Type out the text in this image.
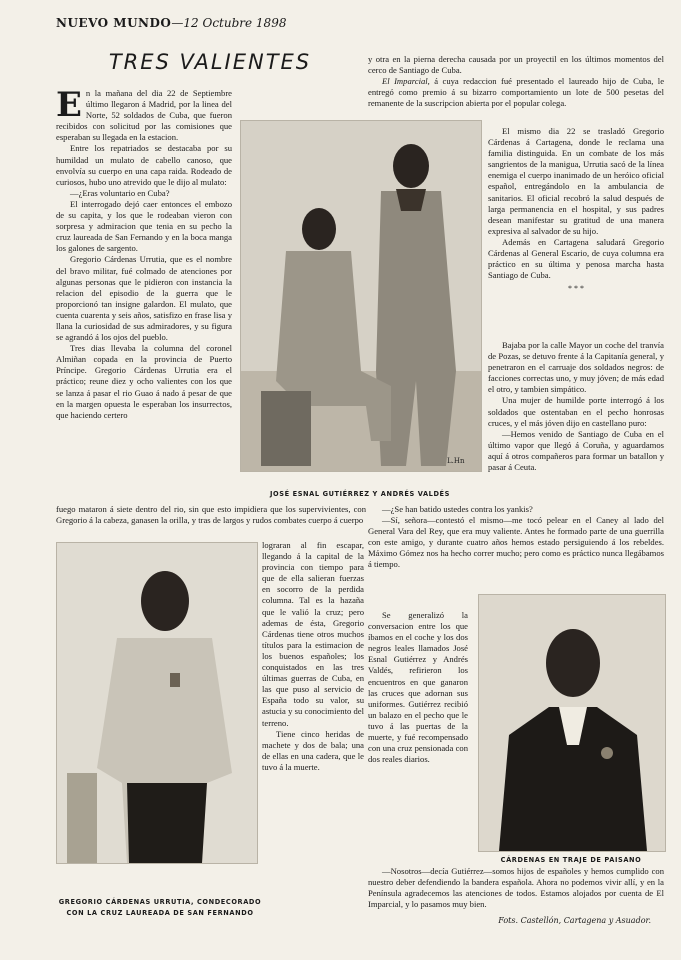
NUEVO MUNDO—12 Octubre 1898
TRES VALIENTES

En la mañana del dia 22 de Septiembre último llegaron á Madrid, por la linea del Norte, 52 soldados de Cuba, que fueron recibidos con solicitud por las comisiones que esperaban su llegada en la estacion.

Entre los repatriados se destacaba por su humildad un mulato de cabello canoso, que envolvía su cuerpo en una capa raida. Rodeado de curiosos, hubo uno atrevido que le dijo al mulato:

—¿Eras voluntario en Cuba?

El interrogado dejó caer entonces el embozo de su capita, y los que le rodeaban vieron con sorpresa y admiracion que tenia en su pecho la cruz laureada de San Fernando y en la boca manga los galones de sargento.

Gregorio Cárdenas Urrutia, que es el nombre del bravo militar, fué colmado de atenciones por algunas personas que le pidieron con instancia la relacion del episodio de la guerra que le proporcionó tan insigne galardon. El mulato, que cuenta cuarenta y seis años, satisfizo en frase lisa y llana la curiosidad de sus admiradores, y su figura se agrandó á los ojos del pueblo.

Tres dias llevaba la columna del coronel Almiñan copada en la provincia de Puerto Príncipe. Gregorio Cárdenas Urrutia era el práctico; reune diez y ocho valientes con los que se lanza á pasar el rio Guao á nado á pesar de que en la margen opuesta le esperaban los insurrectos, que haciendo certero

L.Hn
JOSÉ ESNAL GUTIÉRREZ Y ANDRÉS VALDÉS

y otra en la pierna derecha causada por un proyectil en los últimos momentos del cerco de Santiago de Cuba.

El Imparcial, á cuya redaccion fué presentado el laureado hijo de Cuba, le entregó como premio á su bizarro comportamiento un lote de 500 pesetas del remanente de la suscripcion abierta por el popular colega.

El mismo dia 22 se trasladó Gregorio Cárdenas á Cartagena, donde le reclama una familia distinguida. En un combate de los más sangrientos de la manigua, Urrutia sacó de la línea enemiga el cuerpo inanimado de un heróico oficial español, entregándolo en la ambulancia de sanitarios. El oficial recobró la salud después de larga permanencia en el hospital, y sus padres desean manifestar su gratitud de una manera expresiva al salvador de su hijo.

Además en Cartagena saludará Gregorio Cárdenas al General Escario, de cuya columna era práctico en su última y penosa marcha hasta Santiago de Cuba.

* * *

Bajaba por la calle Mayor un coche del tranvía de Pozas, se detuvo frente á la Capitanía general, y penetraron en el carruaje dos soldados negros: de facciones correctas uno, y muy jóven; de más edad el otro, y tambien simpático.

Una mujer de humilde porte interrogó á los soldados que ostentaban en el pecho honrosas cruces, y el más jóven dijo en castellano puro:

—Hemos venido de Santiago de Cuba en el último vapor que llegó á Coruña, y aguardamos aquí á otros compañeros para formar un batallon y pasar á Ceuta.

fuego mataron á siete dentro del rio, sin que esto impidiera que los supervivientes, con Gregorio á la cabeza, ganasen la orilla, y tras de largos y rudos combates cuerpo á cuerpo

—¿Se han batido ustedes contra los yankis?

—Sí, señora—contestó el mismo—me tocó pelear en el Caney al lado del General Vara del Rey, que era muy valiente. Antes he formado parte de una guerrilla con este amigo, y durante cuatro años hemos estado persiguiendo á los rebeldes. Máximo Gómez nos ha hecho correr mucho; pero como es práctico nunca llegábamos á tiempo.

GREGORIO CÁRDENAS URRUTIA, CONDECORADO
CON LA CRUZ LAUREADA DE SAN FERNANDO

lograran al fin escapar, llegando á la capital de la provincia con tiempo para que de ella salieran fuerzas en socorro de la perdida columna. Tal es la hazaña que le valió la cruz; pero ademas de ésta, Gregorio Cárdenas tiene otros muchos títulos para la estimacion de los buenos españoles; los conquistados en las tres últimas guerras de Cuba, en las que puso al servicio de España todo su valor, su astucia y su conocimiento del terreno.

Tiene cinco heridas de machete y dos de bala; una de ellas en una cadera, que le tuvo á la muerte.

Se generalizó la conversacion entre los que íbamos en el coche y los dos negros leales llamados José Esnal Gutiérrez y Andrés Valdés, refirieron los encuentros en que ganaron las cruces que adornan sus uniformes. Gutiérrez recibió un balazo en el pecho que le tuvo á las puertas de la muerte, y fué recompensado con una cruz pensionada con dos reales diarios.

CÁRDENAS EN TRAJE DE PAISANO

—Nosotros—decía Gutiérrez—somos hijos de españoles y hemos cumplido con nuestro deber defendiendo la bandera española. Ahora no podemos vivir allí, y en la Península agradecemos las atenciones de todos. Estamos alojados por cuenta de El Imparcial, y lo pasamos muy bien.

Fots. Castellón, Cartagena y Asuador.
